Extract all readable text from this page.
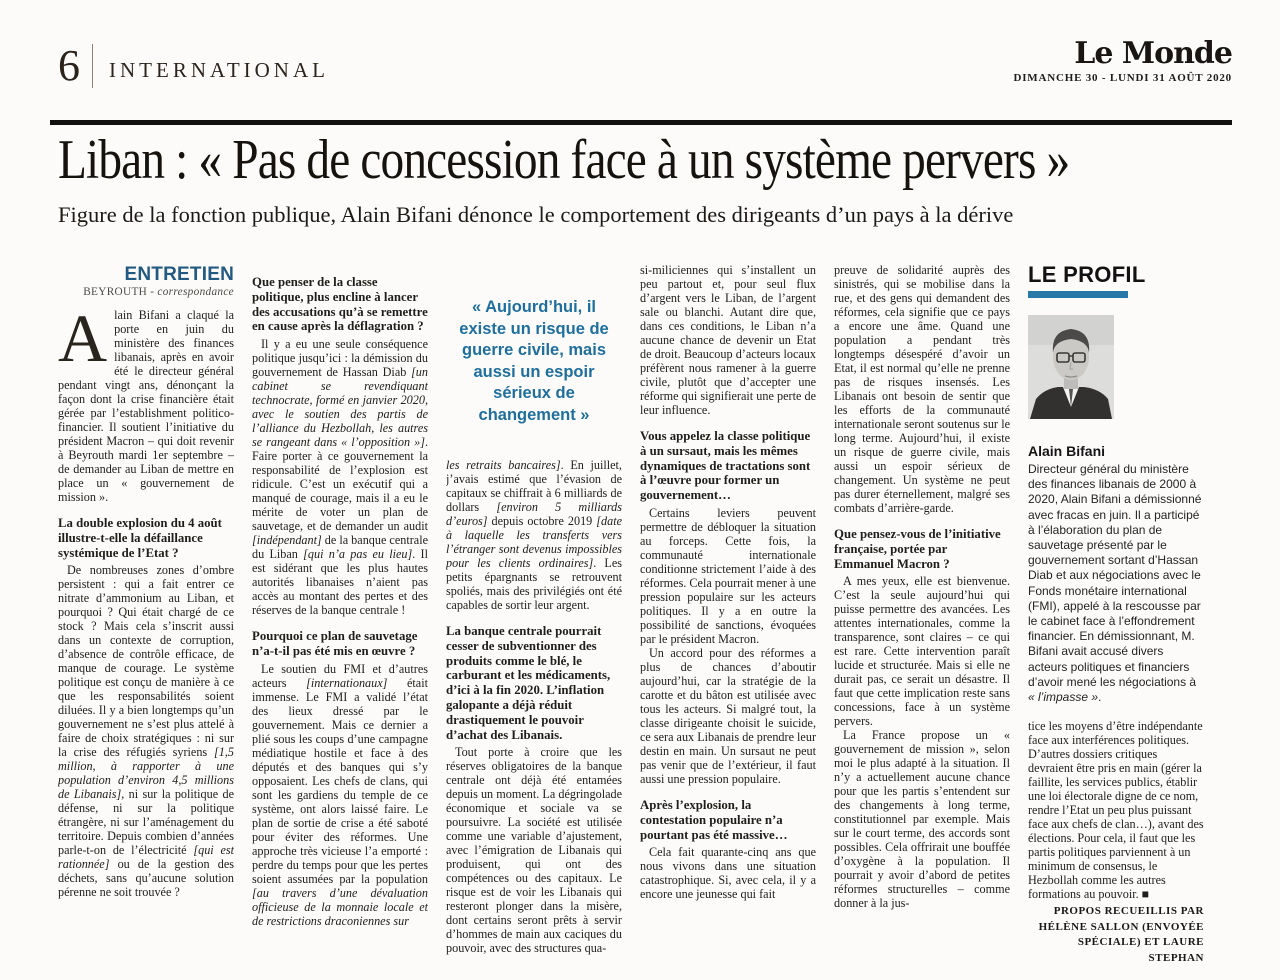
6 INTERNATIONAL	Le Monde
DIMANCHE 30 - LUNDI 31 AOÛT 2020
Liban : « Pas de concession face à un système pervers »
Figure de la fonction publique, Alain Bifani dénonce le comportement des dirigeants d’un pays à la dérive

ENTRETIEN

BEYROUTH - correspondance

Alain Bifani a claqué la porte en juin du ministère des finances libanais, après en avoir été le directeur général pendant vingt ans, dénonçant la façon dont la crise financière était gérée par l’establishment politico-financier. Il soutient l’initiative du président Macron – qui doit revenir à Beyrouth mardi 1er septembre – de demander au Liban de mettre en place un « gouvernement de mission ».

La double explosion du 4 août illustre-t-elle la défaillance systémique de l’Etat ?

De nombreuses zones d’ombre persistent : qui a fait entrer ce nitrate d’ammonium au Liban, et pourquoi ? Qui était chargé de ce stock ? Mais cela s’inscrit aussi dans un contexte de corruption, d’absence de contrôle efficace, de manque de courage. Le système politique est conçu de manière à ce que les responsabilités soient diluées. Il y a bien longtemps qu’un gouvernement ne s’est plus attelé à faire de choix stratégiques : ni sur la crise des réfugiés syriens [1,5 million, à rapporter à une population d’environ 4,5 millions de Libanais], ni sur la politique de défense, ni sur la politique étrangère, ni sur l’aménagement du territoire. Depuis combien d’années parle-t-on de l’électricité [qui est rationnée] ou de la gestion des déchets, sans qu’aucune solution pérenne ne soit trouvée ?

Que penser de la classe politique, plus encline à lancer des accusations qu’à se remettre en cause après la déflagration ?

Il y a eu une seule conséquence politique jusqu’ici : la démission du gouvernement de Hassan Diab [un cabinet se revendiquant technocrate, formé en janvier 2020, avec le soutien des partis de l’alliance du Hezbollah, les autres se rangeant dans « l’opposition »]. Faire porter à ce gouvernement la responsabilité de l’explosion est ridicule. C’est un exécutif qui a manqué de courage, mais il a eu le mérite de voter un plan de sauvetage, et de demander un audit [indépendant] de la banque centrale du Liban [qui n’a pas eu lieu]. Il est sidérant que les plus hautes autorités libanaises n’aient pas accès au montant des pertes et des réserves de la banque centrale !

Pourquoi ce plan de sauvetage n’a-t-il pas été mis en œuvre ?

Le soutien du FMI et d’autres acteurs [internationaux] était immense. Le FMI a validé l’état des lieux dressé par le gouvernement. Mais ce dernier a plié sous les coups d’une campagne médiatique hostile et face à des députés et des banques qui s’y opposaient. Les chefs de clans, qui sont les gardiens du temple de ce système, ont alors laissé faire. Le plan de sortie de crise a été saboté pour éviter des réformes. Une approche très vicieuse l’a emporté : perdre du temps pour que les pertes soient assumées par la population [au travers d’une dévaluation officieuse de la monnaie locale et de restrictions draconiennes sur

« Aujourd’hui, il existe un risque de guerre civile, mais aussi un espoir sérieux de changement »

les retraits bancaires]. En juillet, j’avais estimé que l’évasion de capitaux se chiffrait à 6 milliards de dollars [environ 5 milliards d’euros] depuis octobre 2019 [date à laquelle les transferts vers l’étranger sont devenus impossibles pour les clients ordinaires]. Les petits épargnants se retrouvent spoliés, mais des privilégiés ont été capables de sortir leur argent.

La banque centrale pourrait cesser de subventionner des produits comme le blé, le carburant et les médicaments, d’ici à la fin 2020. L’inflation galopante a déjà réduit drastiquement le pouvoir d’achat des Libanais.

Tout porte à croire que les réserves obligatoires de la banque centrale ont déjà été entamées depuis un moment. La dégringolade économique et sociale va se poursuivre. La société est utilisée comme une variable d’ajustement, avec l’émigration de Libanais qui produisent, qui ont des compétences ou des capitaux. Le risque est de voir les Libanais qui resteront plonger dans la misère, dont certains seront prêts à servir d’hommes de main aux caciques du pouvoir, avec des structures qua-

si-miliciennes qui s’installent un peu partout et, pour seul flux d’argent vers le Liban, de l’argent sale ou blanchi. Autant dire que, dans ces conditions, le Liban n’a aucune chance de devenir un Etat de droit. Beaucoup d’acteurs locaux préfèrent nous ramener à la guerre civile, plutôt que d’accepter une réforme qui signifierait une perte de leur influence.

Vous appelez la classe politique à un sursaut, mais les mêmes dynamiques de tractations sont à l’œuvre pour former un gouvernement…

Certains leviers peuvent permettre de débloquer la situation au forceps. Cette fois, la communauté internationale conditionne strictement l’aide à des réformes. Cela pourrait mener à une pression populaire sur les acteurs politiques. Il y a en outre la possibilité de sanctions, évoquées par le président Macron.

Un accord pour des réformes a plus de chances d’aboutir aujourd’hui, car la stratégie de la carotte et du bâton est utilisée avec tous les acteurs. Si malgré tout, la classe dirigeante choisit le suicide, ce sera aux Libanais de prendre leur destin en main. Un sursaut ne peut pas venir que de l’extérieur, il faut aussi une pression populaire.

Après l’explosion, la contestation populaire n’a pourtant pas été massive…

Cela fait quarante-cinq ans que nous vivons dans une situation catastrophique. Si, avec cela, il y a encore une jeunesse qui fait

preuve de solidarité auprès des sinistrés, qui se mobilise dans la rue, et des gens qui demandent des réformes, cela signifie que ce pays a encore une âme. Quand une population a pendant très longtemps désespéré d’avoir un Etat, il est normal qu’elle ne prenne pas de risques insensés. Les Libanais ont besoin de sentir que les efforts de la communauté internationale seront soutenus sur le long terme. Aujourd’hui, il existe un risque de guerre civile, mais aussi un espoir sérieux de changement. Un système ne peut pas durer éternellement, malgré ses combats d’arrière-garde.

Que pensez-vous de l’initiative française, portée par Emmanuel Macron ?

A mes yeux, elle est bienvenue. C’est la seule aujourd’hui qui puisse permettre des avancées. Les attentes internationales, comme la transparence, sont claires – ce qui est rare. Cette intervention paraît lucide et structurée. Mais si elle ne durait pas, ce serait un désastre. Il faut que cette implication reste sans concessions, face à un système pervers.

La France propose un « gouvernement de mission », selon moi le plus adapté à la situation. Il n’y a actuellement aucune chance pour que les partis s’entendent sur des changements à long terme, constitutionnel par exemple. Mais sur le court terme, des accords sont possibles. Cela offrirait une bouffée d’oxygène à la population. Il pourrait y avoir d’abord de petites réformes structurelles – comme donner à la jus-

LE PROFIL
Alain Bifani

Directeur général du ministère des finances libanais de 2000 à 2020, Alain Bifani a démissionné avec fracas en juin. Il a participé à l’élaboration du plan de sauvetage présenté par le gouvernement sortant d’Hassan Diab et aux négociations avec le Fonds monétaire international (FMI), appelé à la rescousse par le cabinet face à l’effondrement financier. En démissionnant, M. Bifani avait accusé divers acteurs politiques et financiers d’avoir mené les négociations à « l’impasse ».

tice les moyens d’être indépendante face aux interférences politiques. D’autres dossiers critiques devraient être pris en main (gérer la faillite, les services publics, établir une loi électorale digne de ce nom, rendre l’Etat un peu plus puissant face aux chefs de clan…), avant des élections. Pour cela, il faut que les partis politiques parviennent à un minimum de consensus, le Hezbollah comme les autres formations au pouvoir. ■

PROPOS RECUEILLIS PAR HÉLÈNE SALLON (ENVOYÉE SPÉCIALE) ET LAURE STEPHAN
